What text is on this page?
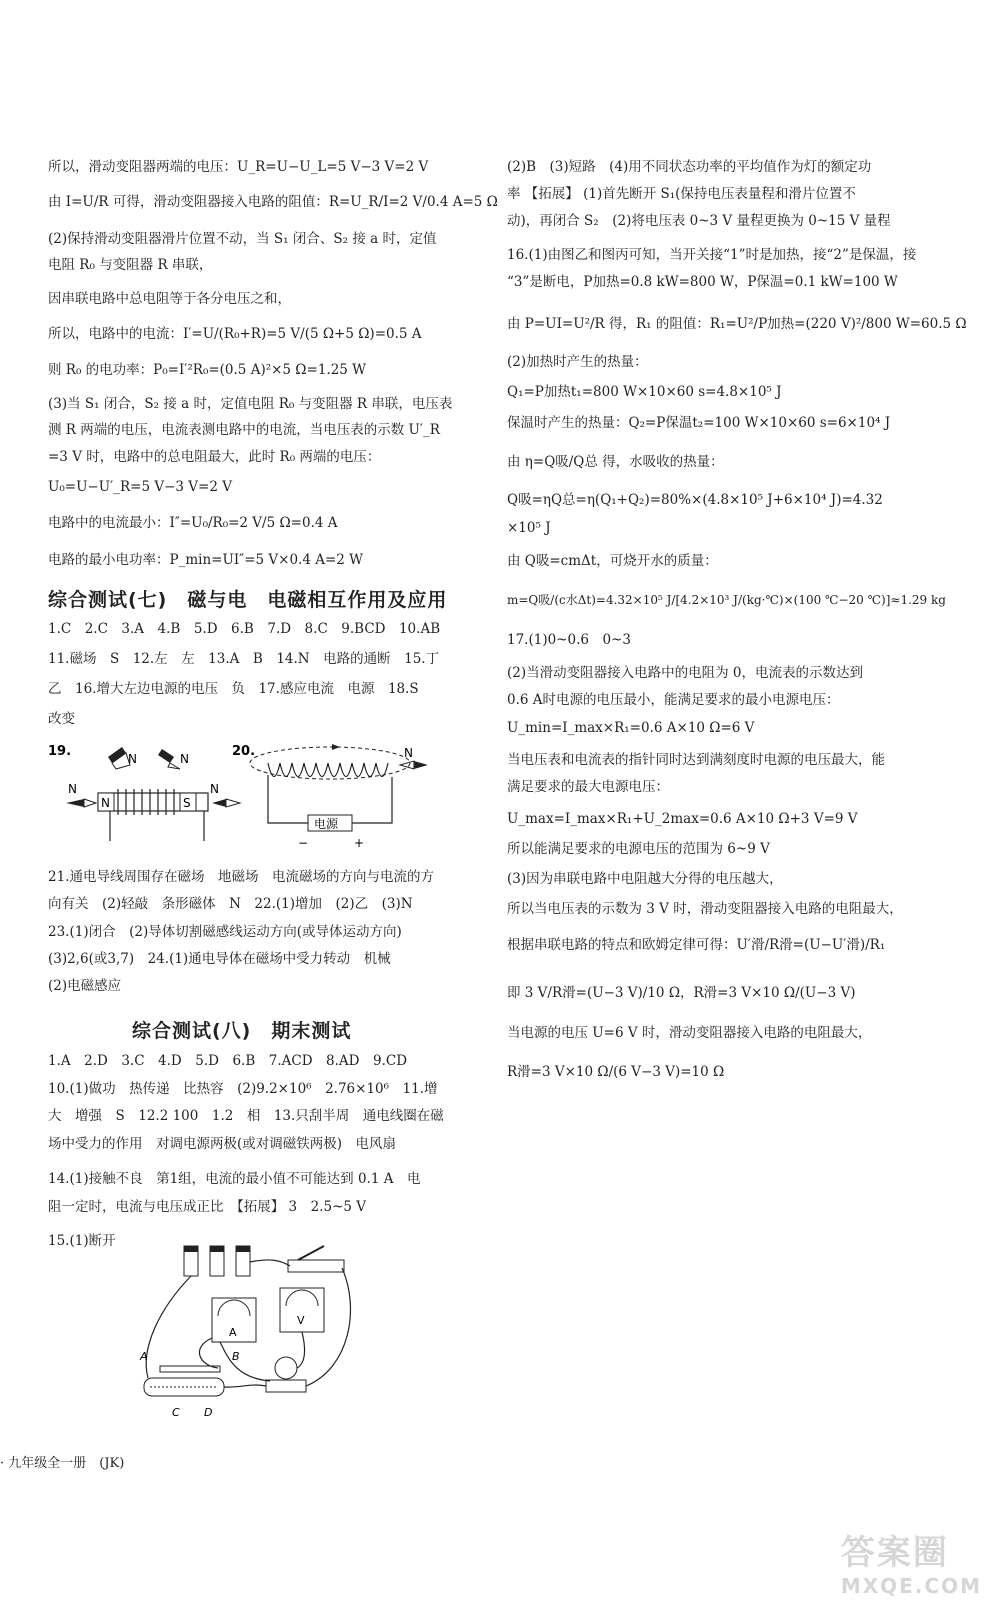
所以，滑动变阻器两端的电压：U_R=U−U_L=5 V−3 V=2 V
由 I=U/R 可得，滑动变阻器接入电路的阻值：R=U_R/I=2 V/0.4 A=5 Ω
(2)保持滑动变阻器滑片位置不动，当 S₁ 闭合、S₂ 接 a 时，定值
电阻 R₀ 与变阻器 R 串联，
因串联电路中总电阻等于各分电压之和，
所以，电路中的电流：I′=U/(R₀+R)=5 V/(5 Ω+5 Ω)=0.5 A
则 R₀ 的电功率：P₀=I′²R₀=(0.5 A)²×5 Ω=1.25 W
(3)当 S₁ 闭合，S₂ 接 a 时，定值电阻 R₀ 与变阻器 R 串联，电压表
测 R 两端的电压，电流表测电路中的电流，当电压表的示数 U′_R
=3 V 时，电路中的总电阻最大，此时 R₀ 两端的电压：
U₀=U−U′_R=5 V−3 V=2 V
电路中的电流最小：I″=U₀/R₀=2 V/5 Ω=0.4 A
电路的最小电功率：P_min=UI″=5 V×0.4 A=2 W
综合测试(七)　磁与电　电磁相互作用及应用
1.C　2.C　3.A　4.B　5.D　6.B　7.D　8.C　9.BCD　10.AB
11.磁场　S　12.左　左　13.A　B　14.N　电路的通断　15.丁
乙　16.增大左边电源的电压　负　17.感应电流　电源　18.S
改变
19.	N	N
N	S
N	N
20.
电源
−	+
N
21.通电导线周围存在磁场　地磁场　电流磁场的方向与电流的方
向有关　(2)轻敲　条形磁体　N　22.(1)增加　(2)乙　(3)N
23.(1)闭合　(2)导体切割磁感线运动方向(或导体运动方向)
(3)2,6(或3,7)　24.(1)通电导体在磁场中受力转动　机械
(2)电磁感应
综合测试(八)　期末测试
1.A　2.D　3.C　4.D　5.D　6.B　7.ACD　8.AD　9.CD
10.(1)做功　热传递　比热容　(2)9.2×10⁶　2.76×10⁶　11.增
大　增强　S　12.2 100　1.2　相　13.只刮半周　通电线圈在磁
场中受力的作用　对调电源两极(或对调磁铁两极)　电风扇
14.(1)接触不良　第1组，电流的最小值不可能达到 0.1 A　电
阻一定时，电流与电压成正比　【拓展】 3　2.5~5 V
15.(1)断开
A
V
A	B
C D
(2)B　(3)短路　(4)用不同状态功率的平均值作为灯的额定功
率 【拓展】 (1)首先断开 S₁(保持电压表量程和滑片位置不
动)，再闭合 S₂　(2)将电压表 0~3 V 量程更换为 0~15 V 量程
16.(1)由图乙和图丙可知，当开关接“1”时是加热，接“2”是保温，接
“3”是断电，P加热=0.8 kW=800 W，P保温=0.1 kW=100 W
由 P=UI=U²/R 得，R₁ 的阻值：R₁=U²/P加热=(220 V)²/800 W=60.5 Ω
(2)加热时产生的热量：
Q₁=P加热t₁=800 W×10×60 s=4.8×10⁵ J
保温时产生的热量：Q₂=P保温t₂=100 W×10×60 s=6×10⁴ J
由 η=Q吸/Q总 得，水吸收的热量：
Q吸=ηQ总=η(Q₁+Q₂)=80%×(4.8×10⁵ J+6×10⁴ J)=4.32
×10⁵ J
由 Q吸=cmΔt，可烧开水的质量：
m=Q吸/(c水Δt)=4.32×10⁵ J/[4.2×10³ J/(kg·℃)×(100 ℃−20 ℃)]≈1.29 kg
17.(1)0~0.6　0~3
(2)当滑动变阻器接入电路中的电阻为 0，电流表的示数达到
0.6 A时电源的电压最小，能满足要求的最小电源电压：
U_min=I_max×R₁=0.6 A×10 Ω=6 V
当电压表和电流表的指针同时达到满刻度时电源的电压最大，能
满足要求的最大电源电压：
U_max=I_max×R₁+U_2max=0.6 A×10 Ω+3 V=9 V
所以能满足要求的电源电压的范围为 6~9 V
(3)因为串联电路中电阻越大分得的电压越大，
所以当电压表的示数为 3 V 时，滑动变阻器接入电路的电阻最大，
根据串联电路的特点和欧姆定律可得：U′滑/R滑=(U−U′滑)/R₁
即 3 V/R滑=(U−3 V)/10 Ω，R滑=3 V×10 Ω/(U−3 V)
当电源的电压 U=6 V 时，滑动变阻器接入电路的电阻最大，
R滑=3 V×10 Ω/(6 V−3 V)=10 Ω
· 九年级全一册　(JK)
答案圈
MXQE.COM
